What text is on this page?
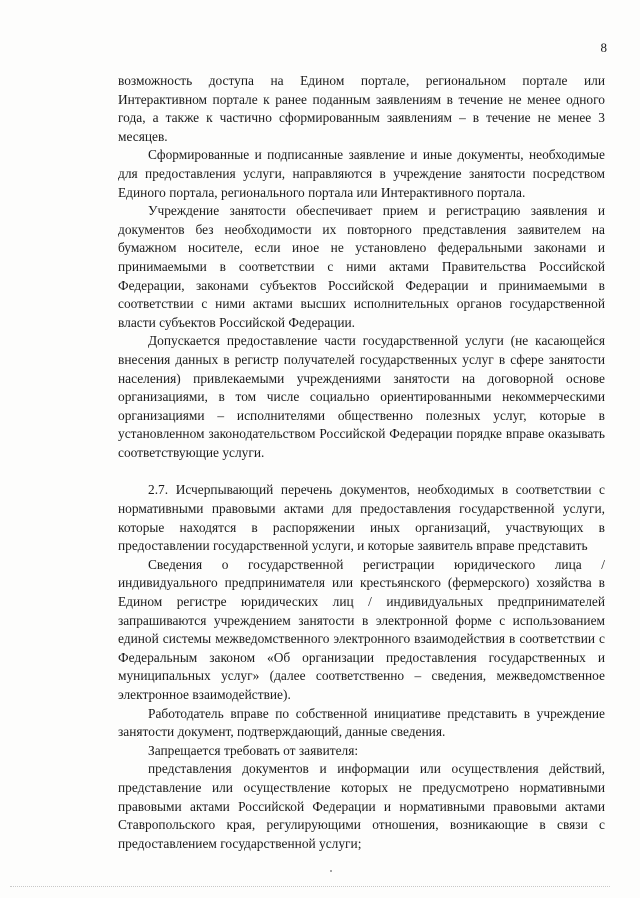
8

возможность доступа на Едином портале, региональном портале или Интерактивном портале к ранее поданным заявлениям в течение не менее одного года, а также к частично сформированным заявлениям – в течение не менее 3 месяцев.

Сформированные и подписанные заявление и иные документы, необходимые для предоставления услуги, направляются в учреждение занятости посредством Единого портала, регионального портала или Интерактивного портала.

Учреждение занятости обеспечивает прием и регистрацию заявления и документов без необходимости их повторного представления заявителем на бумажном носителе, если иное не установлено федеральными законами и принимаемыми в соответствии с ними актами Правительства Российской Федерации, законами субъектов Российской Федерации и принимаемыми в соответствии с ними актами высших исполнительных органов государственной власти субъектов Российской Федерации.

Допускается предоставление части государственной услуги (не касающейся внесения данных в регистр получателей государственных услуг в сфере занятости населения) привлекаемыми учреждениями занятости на договорной основе организациями, в том числе социально ориентированными некоммерческими организациями – исполнителями общественно полезных услуг, которые в установленном законодательством Российской Федерации порядке вправе оказывать соответствующие услуги.

2.7. Исчерпывающий перечень документов, необходимых в соответствии с нормативными правовыми актами для предоставления государственной услуги, которые находятся в распоряжении иных организаций, участвующих в предоставлении государственной услуги, и которые заявитель вправе представить

Сведения о государственной регистрации юридического лица / индивидуального предпринимателя или крестьянского (фермерского) хозяйства в Едином регистре юридических лиц / индивидуальных предпринимателей запрашиваются учреждением занятости в электронной форме с использованием единой системы межведомственного электронного взаимодействия в соответствии с Федеральным законом «Об организации предоставления государственных и муниципальных услуг» (далее соответственно – сведения, межведомственное электронное взаимодействие).

Работодатель вправе по собственной инициативе представить в учреждение занятости документ, подтверждающий, данные сведения.

Запрещается требовать от заявителя:

представления документов и информации или осуществления действий, представление или осуществление которых не предусмотрено нормативными правовыми актами Российской Федерации и нормативными правовыми актами Ставропольского края, регулирующими отношения, возникающие в связи с предоставлением государственной услуги;
